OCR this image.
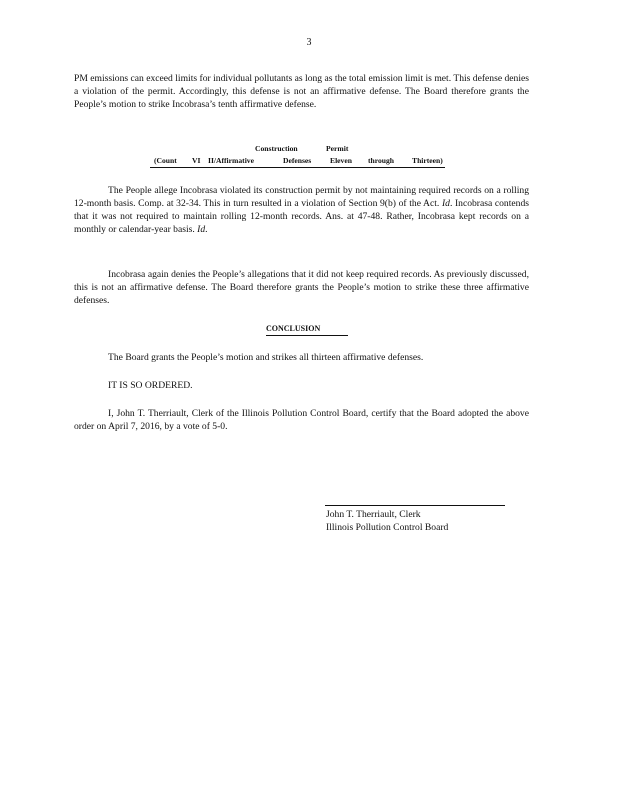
3

PM emissions can exceed limits for individual pollutants as long as the total emission limit is met. This defense denies a violation of the permit. Accordingly, this defense is not an affirmative defense. The Board therefore grants the People’s motion to strike Incobrasa’s tenth affirmative defense.

Construction	Permit
(Count VI II/Affirmative	Defenses Eleven through Thirteen)

The People allege Incobrasa violated its construction permit by not maintaining required records on a rolling 12-month basis. Comp. at 32-34. This in turn resulted in a violation of Section 9(b) of the Act. Id. Incobrasa contends that it was not required to maintain rolling 12-month records. Ans. at 47-48. Rather, Incobrasa kept records on a monthly or calendar-year basis. Id.

Incobrasa again denies the People’s allegations that it did not keep required records. As previously discussed, this is not an affirmative defense. The Board therefore grants the People’s motion to strike these three affirmative defenses.

CONCLUSION

The Board grants the People’s motion and strikes all thirteen affirmative defenses.

IT IS SO ORDERED.

I, John T. Therriault, Clerk of the Illinois Pollution Control Board, certify that the Board adopted the above order on April 7, 2016, by a vote of 5-0.

John T. Therriault, Clerk
Illinois Pollution Control Board
